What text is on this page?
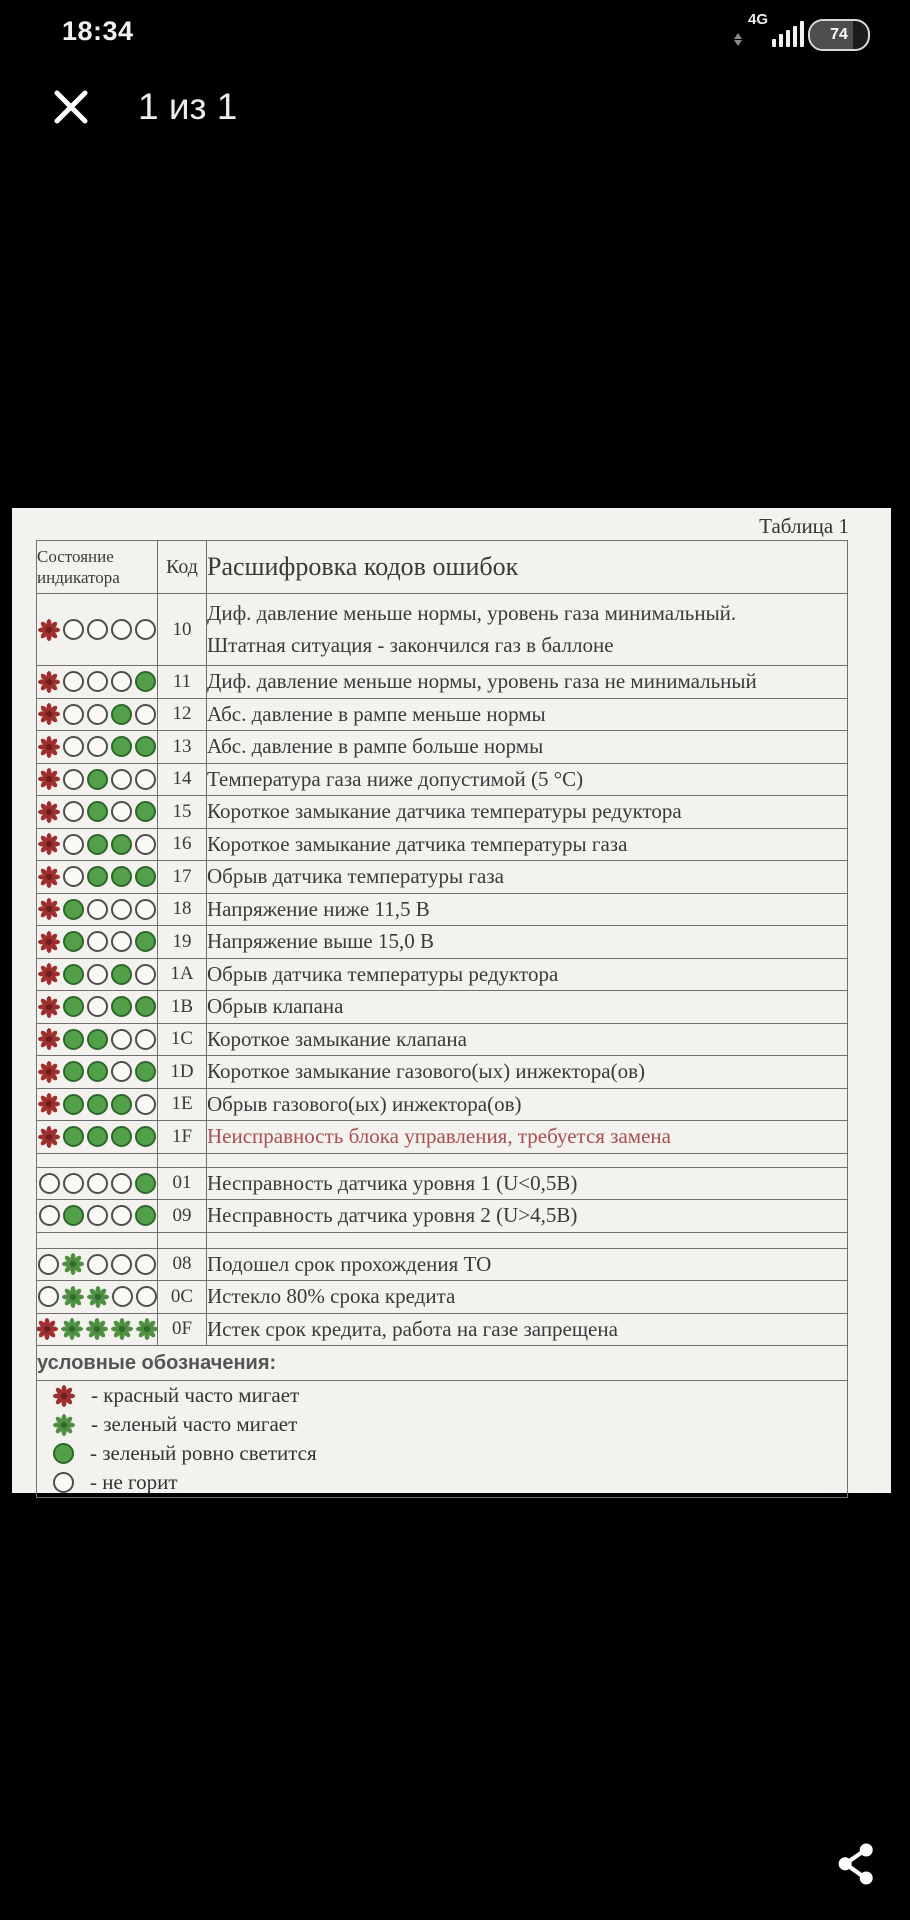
18:34	4G
74
1 из 1
Таблица 1
Состояние индикатора	Код	Расшифровка кодов ошибок

	10	Диф. давление меньше нормы, уровень газа минимальный.
Штатная ситуация - закончился газ в баллоне

	11	Диф. давление меньше нормы, уровень газа не минимальный

	12	Абс. давление в рампе меньше нормы

	13	Абс. давление в рампе больше нормы

	14	Температура газа ниже допустимой (5 °С)

	15	Короткое замыкание датчика температуры редуктора

	16	Короткое замыкание датчика температуры газа

	17	Обрыв датчика температуры газа

	18	Напряжение ниже 11,5 В

	19	Напряжение выше 15,0 В

	1A	Обрыв датчика температуры редуктора

	1B	Обрыв клапана

	1C	Короткое замыкание клапана

	1D	Короткое замыкание газового(ых) инжектора(ов)

	1E	Обрыв газового(ых) инжектора(ов)

	1F	Неисправность блока управления, требуется замена

	01	Несправность датчика уровня 1 (U<0,5В)

	09	Несправность датчика уровня 2 (U>4,5В)

	08	Подошел срок прохождения ТО

	0C	Истекло 80% срока кредита

	0F	Истек срок кредита, работа на газе запрещена

условные обозначения:		

- красный часто мигает
- зеленый часто мигает
- зеленый ровно светится
- не горит		
